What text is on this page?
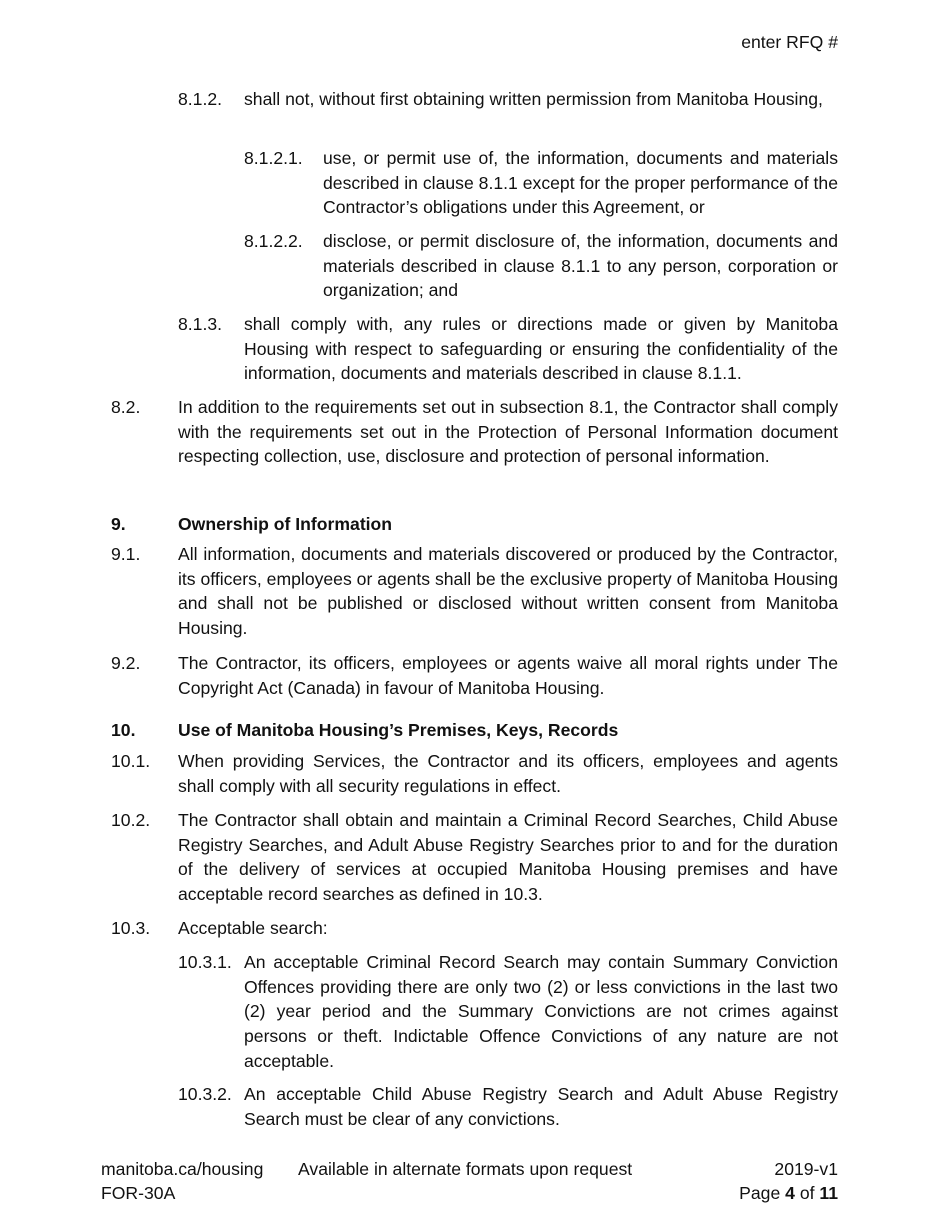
enter RFQ #
8.1.2. shall not, without first obtaining written permission from Manitoba Housing,
8.1.2.1. use, or permit use of, the information, documents and materials described in clause 8.1.1 except for the proper performance of the Contractor’s obligations under this Agreement, or
8.1.2.2. disclose, or permit disclosure of, the information, documents and materials described in clause 8.1.1 to any person, corporation or organization; and
8.1.3. shall comply with, any rules or directions made or given by Manitoba Housing with respect to safeguarding or ensuring the confidentiality of the information, documents and materials described in clause 8.1.1.
8.2. In addition to the requirements set out in subsection 8.1, the Contractor shall comply with the requirements set out in the Protection of Personal Information document respecting collection, use, disclosure and protection of personal information.
9.	Ownership of Information
9.1. All information, documents and materials discovered or produced by the Contractor, its officers, employees or agents shall be the exclusive property of Manitoba Housing and shall not be published or disclosed without written consent from Manitoba Housing.
9.2. The Contractor, its officers, employees or agents waive all moral rights under The Copyright Act (Canada) in favour of Manitoba Housing.
10. Use of Manitoba Housing’s Premises, Keys, Records
10.1. When providing Services, the Contractor and its officers, employees and agents shall comply with all security regulations in effect.
10.2. The Contractor shall obtain and maintain a Criminal Record Searches, Child Abuse Registry Searches, and Adult Abuse Registry Searches prior to and for the duration of the delivery of services at occupied Manitoba Housing premises and have acceptable record searches as defined in 10.3.
10.3. Acceptable search:
10.3.1. An acceptable Criminal Record Search may contain Summary Conviction Offences providing there are only two (2) or less convictions in the last two (2) year period and the Summary Convictions are not crimes against persons or theft. Indictable Offence Convictions of any nature are not acceptable.
10.3.2. An acceptable Child Abuse Registry Search and Adult Abuse Registry Search must be clear of any convictions.
manitoba.ca/housing
FOR-30A
Available in alternate formats upon request	2019-v1
Page 4 of 11
